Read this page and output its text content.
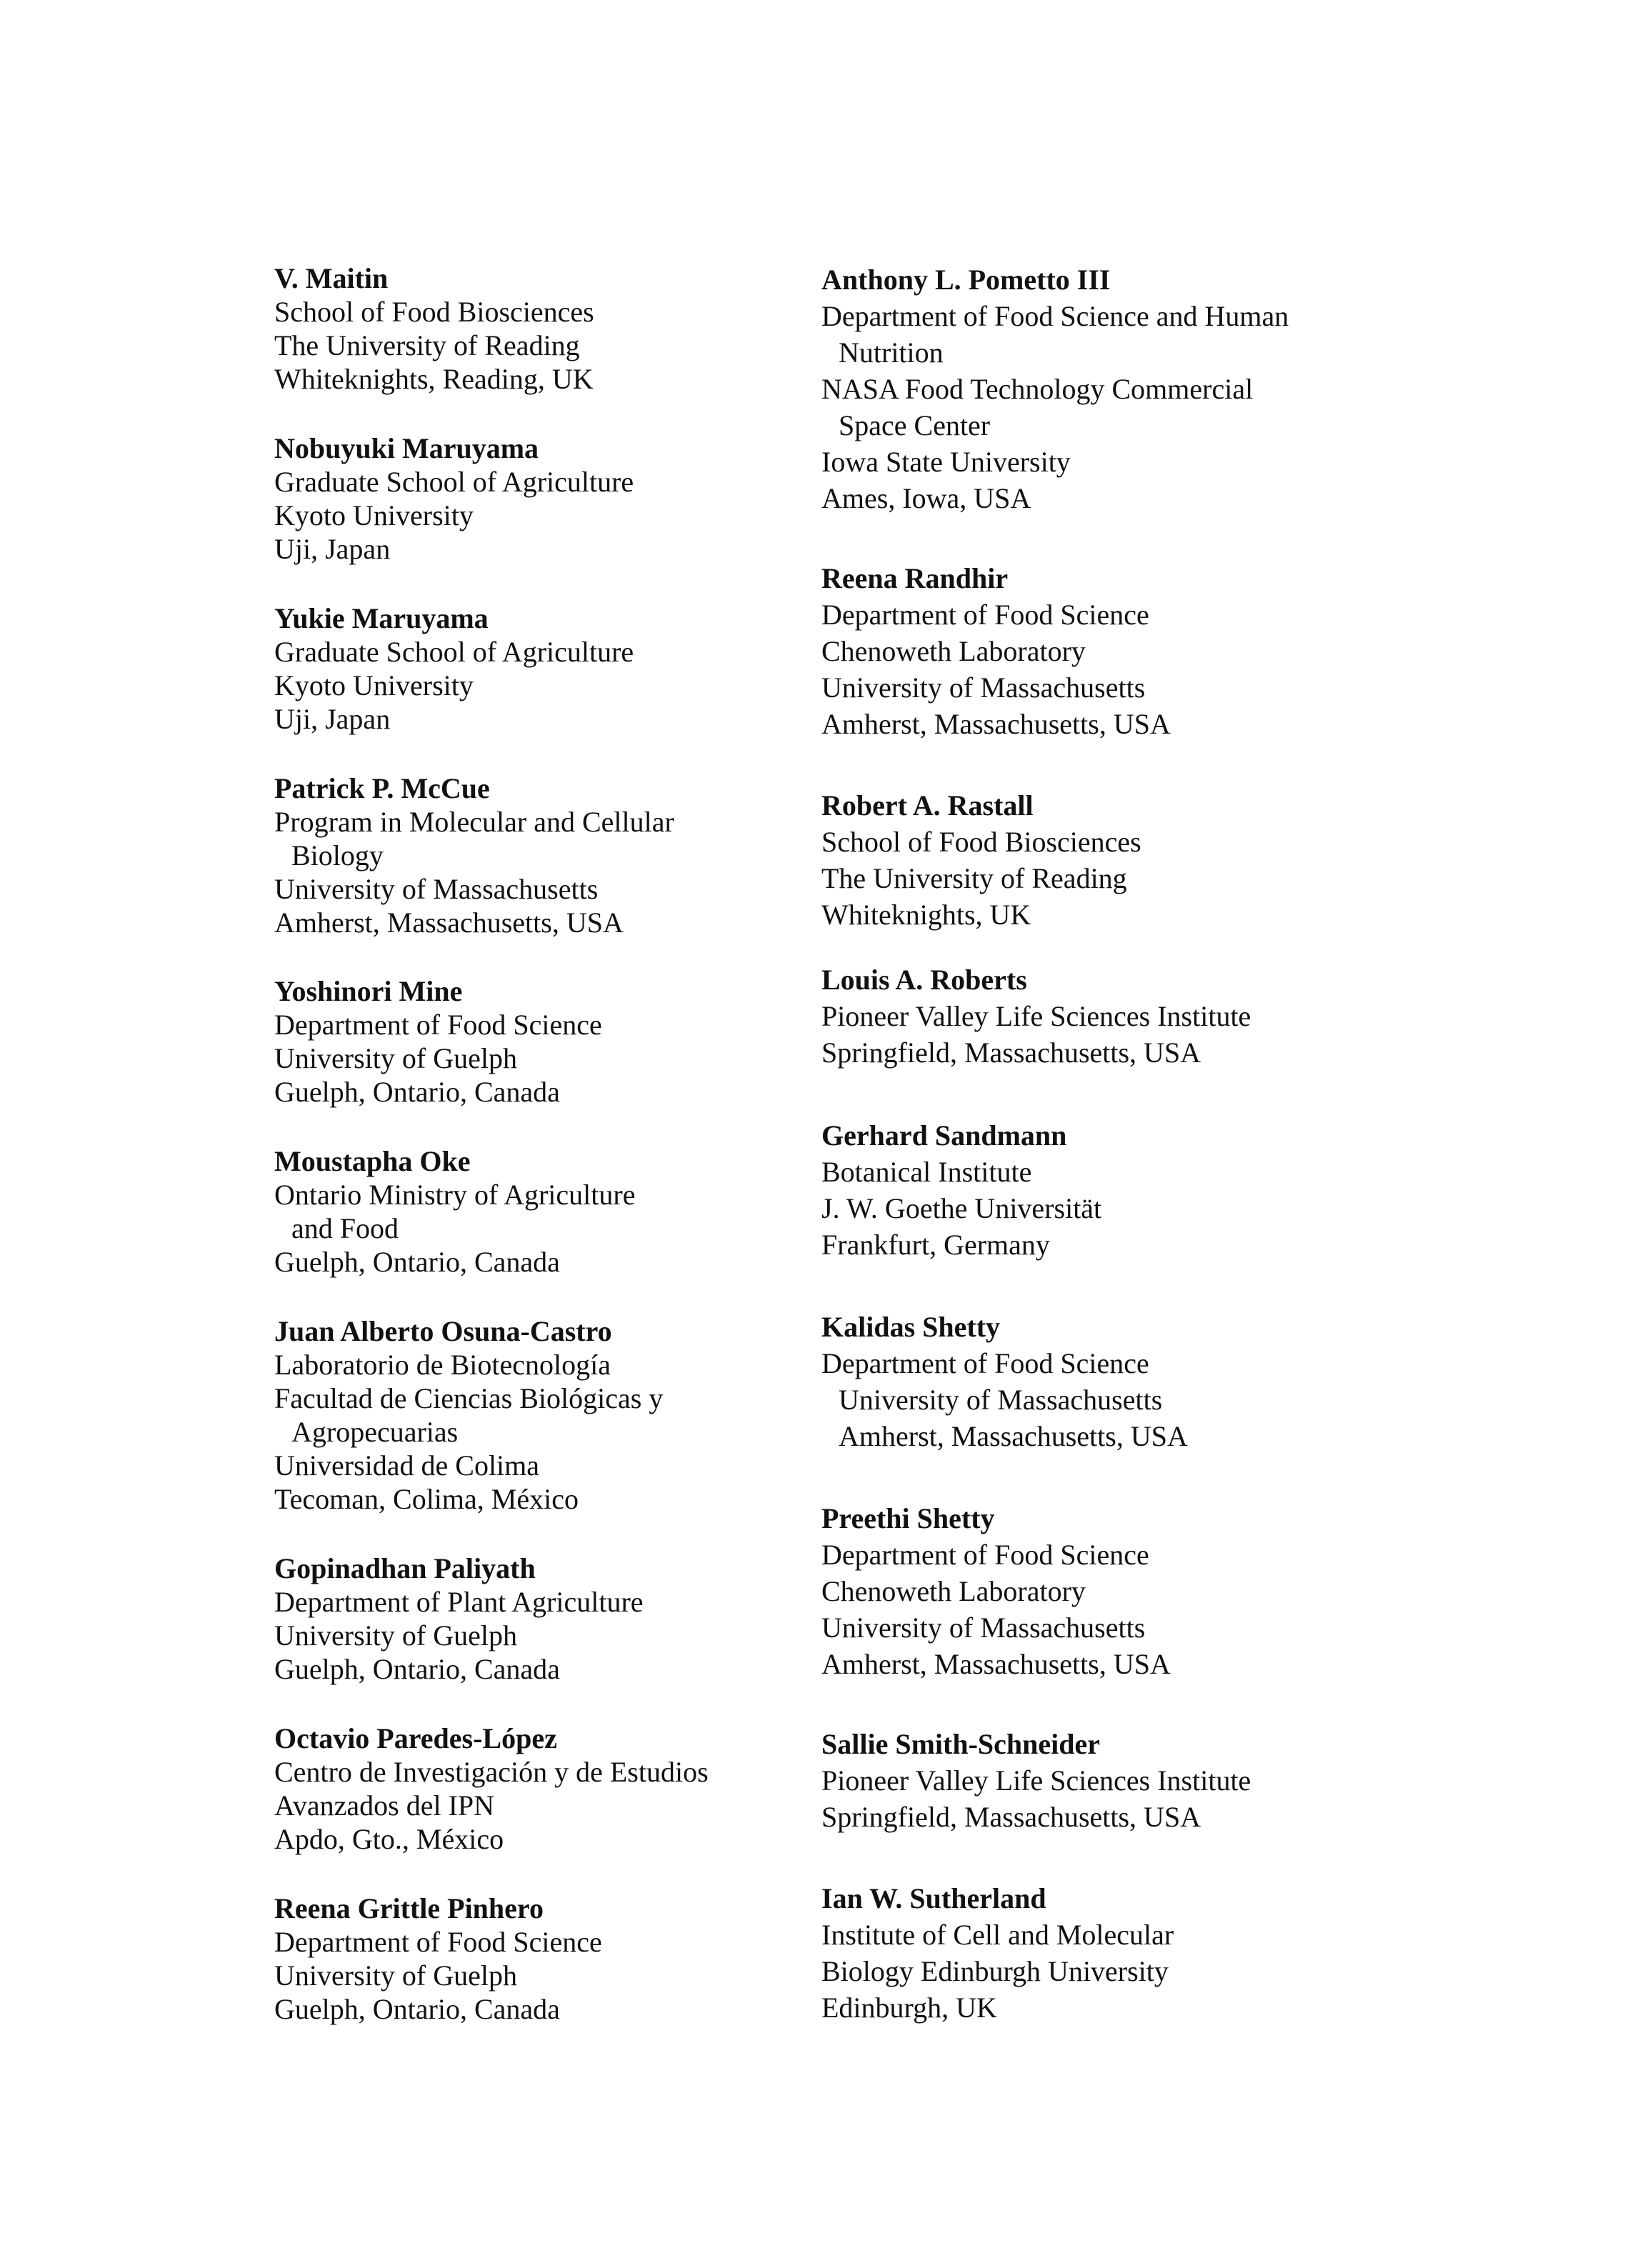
V. Maitin
School of Food Biosciences
The University of Reading
Whiteknights, Reading, UK
Nobuyuki Maruyama
Graduate School of Agriculture
Kyoto University
Uji, Japan
Yukie Maruyama
Graduate School of Agriculture
Kyoto University
Uji, Japan
Patrick P. McCue
Program in Molecular and Cellular
Biology
University of Massachusetts
Amherst, Massachusetts, USA
Yoshinori Mine
Department of Food Science
University of Guelph
Guelph, Ontario, Canada
Moustapha Oke
Ontario Ministry of Agriculture
and Food
Guelph, Ontario, Canada
Juan Alberto Osuna-Castro
Laboratorio de Biotecnología
Facultad de Ciencias Biológicas y
Agropecuarias
Universidad de Colima
Tecoman, Colima, México
Gopinadhan Paliyath
Department of Plant Agriculture
University of Guelph
Guelph, Ontario, Canada
Octavio Paredes-López
Centro de Investigación y de Estudios
Avanzados del IPN
Apdo, Gto., México
Reena Grittle Pinhero
Department of Food Science
University of Guelph
Guelph, Ontario, Canada
Anthony L. Pometto III
Department of Food Science and Human
Nutrition
NASA Food Technology Commercial
Space Center
Iowa State University
Ames, Iowa, USA
Reena Randhir
Department of Food Science
Chenoweth Laboratory
University of Massachusetts
Amherst, Massachusetts, USA
Robert A. Rastall
School of Food Biosciences
The University of Reading
Whiteknights, UK
Louis A. Roberts
Pioneer Valley Life Sciences Institute
Springfield, Massachusetts, USA
Gerhard Sandmann
Botanical Institute
J. W. Goethe Universität
Frankfurt, Germany
Kalidas Shetty
Department of Food Science
University of Massachusetts
Amherst, Massachusetts, USA
Preethi Shetty
Department of Food Science
Chenoweth Laboratory
University of Massachusetts
Amherst, Massachusetts, USA
Sallie Smith-Schneider
Pioneer Valley Life Sciences Institute
Springfield, Massachusetts, USA
Ian W. Sutherland
Institute of Cell and Molecular
Biology Edinburgh University
Edinburgh, UK
